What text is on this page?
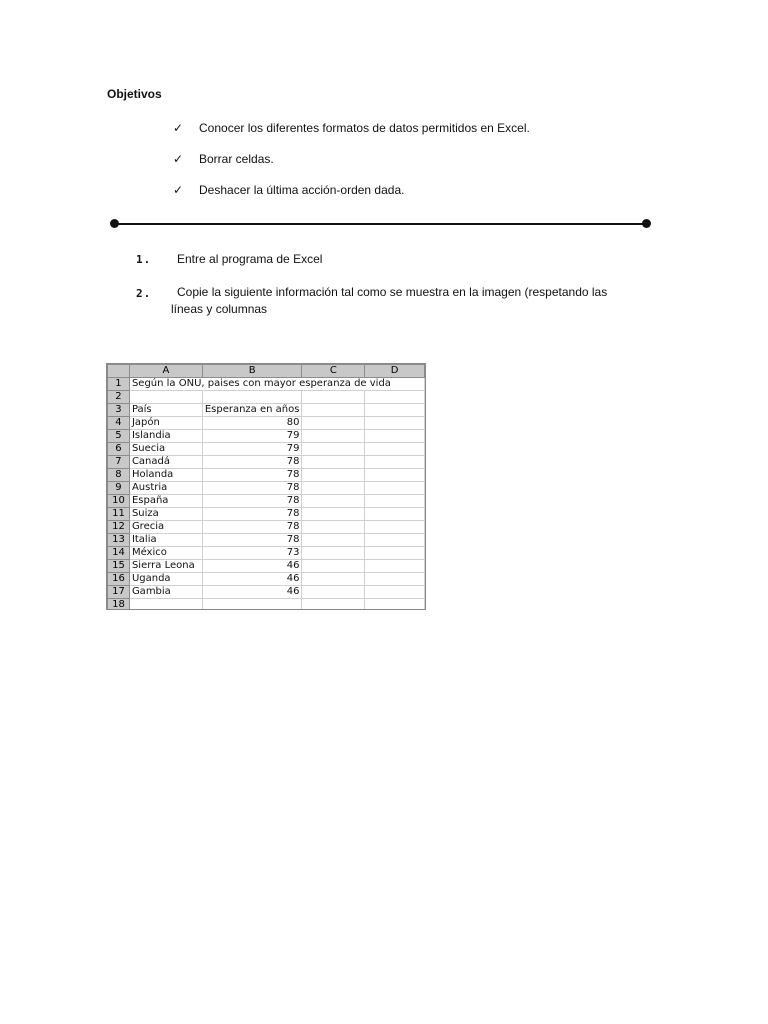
Objetivos
✓	Conocer los diferentes formatos de datos permitidos en Excel.
✓	Borrar celdas.
✓	Deshacer la última acción-orden dada.
1. Entre al programa de Excel
2.	Copie la siguiente información tal como se muestra en la imagen (respetando las líneas y columnas
	A	B	C	D
1	Según la ONU, paises con mayor esperanza de vida			
2				
3	País	Esperanza en años		
4	Japón	80		
5	Islandia	79		
6	Suecia	79		
7	Canadá	78		
8	Holanda	78		
9	Austria	78		
10	España	78		
11	Suiza	78		
12	Grecia	78		
13	Italia	78		
14	México	73		
15	Sierra Leona	46		
16	Uganda	46		
17	Gambia	46		
18				
